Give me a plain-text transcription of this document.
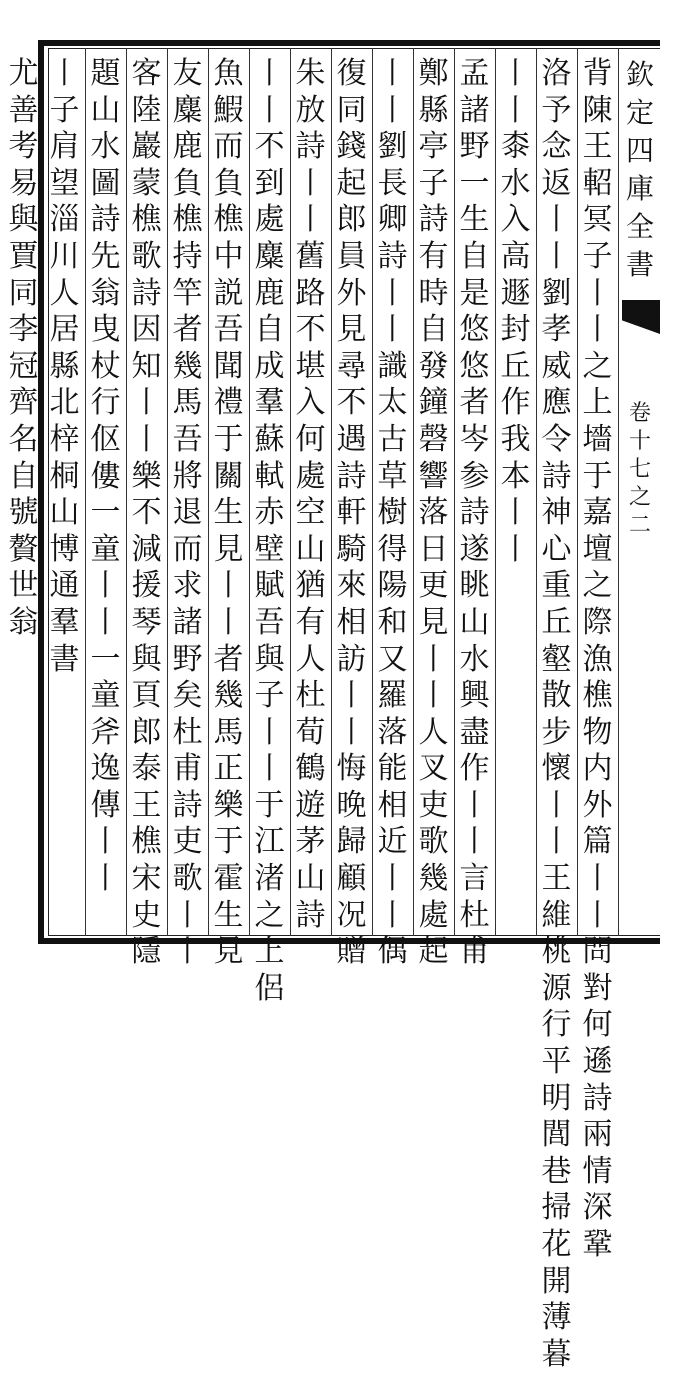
欽
定
四
庫
全
書
卷
十
七
之
二
背
陳
王
軺
冥
子
丨
丨
之
上
墻
于
嘉
壇
之
際
漁
樵
物
内
外
篇
丨
丨
問
對
何
遜
詩
兩
情
深
鞏
洛
予
念
返
丨
丨
劉
孝
威
應
令
詩
神
心
重
丘
壑
散
步
懷
丨
丨
王
維
桃
源
行
平
明
閭
巷
掃
花
開
薄
暮
丨
丨
桼
水
入
高
遯
封
丘
作
我
本
丨
丨
孟
諸
野
一
生
自
是
悠
悠
者
岑
参
詩
遂
眺
山
水
興
盡
作
丨
丨
言
杜
甫
鄭
縣
亭
子
詩
有
時
自
發
鐘
磬
響
落
日
更
見
丨
丨
人
叉
吏
歌
幾
處
起
丨
丨
劉
長
卿
詩
丨
丨
識
太
古
草
樹
得
陽
和
又
羅
落
能
相
近
丨
丨
偶
復
同
錢
起
郎
員
外
見
尋
不
遇
詩
軒
騎
來
相
訪
丨
丨
悔
晚
歸
顧
况
贈
朱
放
詩
丨
丨
舊
路
不
堪
入
何
處
空
山
猶
有
人
杜
荀
鶴
遊
茅
山
詩
丨
丨
不
到
處
麋
鹿
自
成
羣
蘇
軾
赤
壁
賦
吾
與
子
丨
丨
于
江
渚
之
上
侶
魚
鰕
而
負
樵
中
説
吾
聞
禮
于
關
生
見
丨
丨
者
幾
馬
正
樂
于
霍
生
見
友
麋
鹿
負
樵
持
竿
者
幾
馬
吾
將
退
而
求
諸
野
矣
杜
甫
詩
吏
歌
丨
丨
客
陸
巖
蒙
樵
歌
詩
因
知
丨
丨
樂
不
減
援
琴
與
頁
郎
泰
王
樵
宋
史
隱
題
山
水
圖
詩
先
翁
曳
杖
行
伛
僂
一
童
丨
丨
一
童
斧
逸
傳
丨
丨
丨
子
肩
望
淄
川
人
居
縣
北
梓
桐
山
博
通
羣
書
尤
善
考
易
與
賈
同
李
冠
齊
名
自
號
贅
世
翁
